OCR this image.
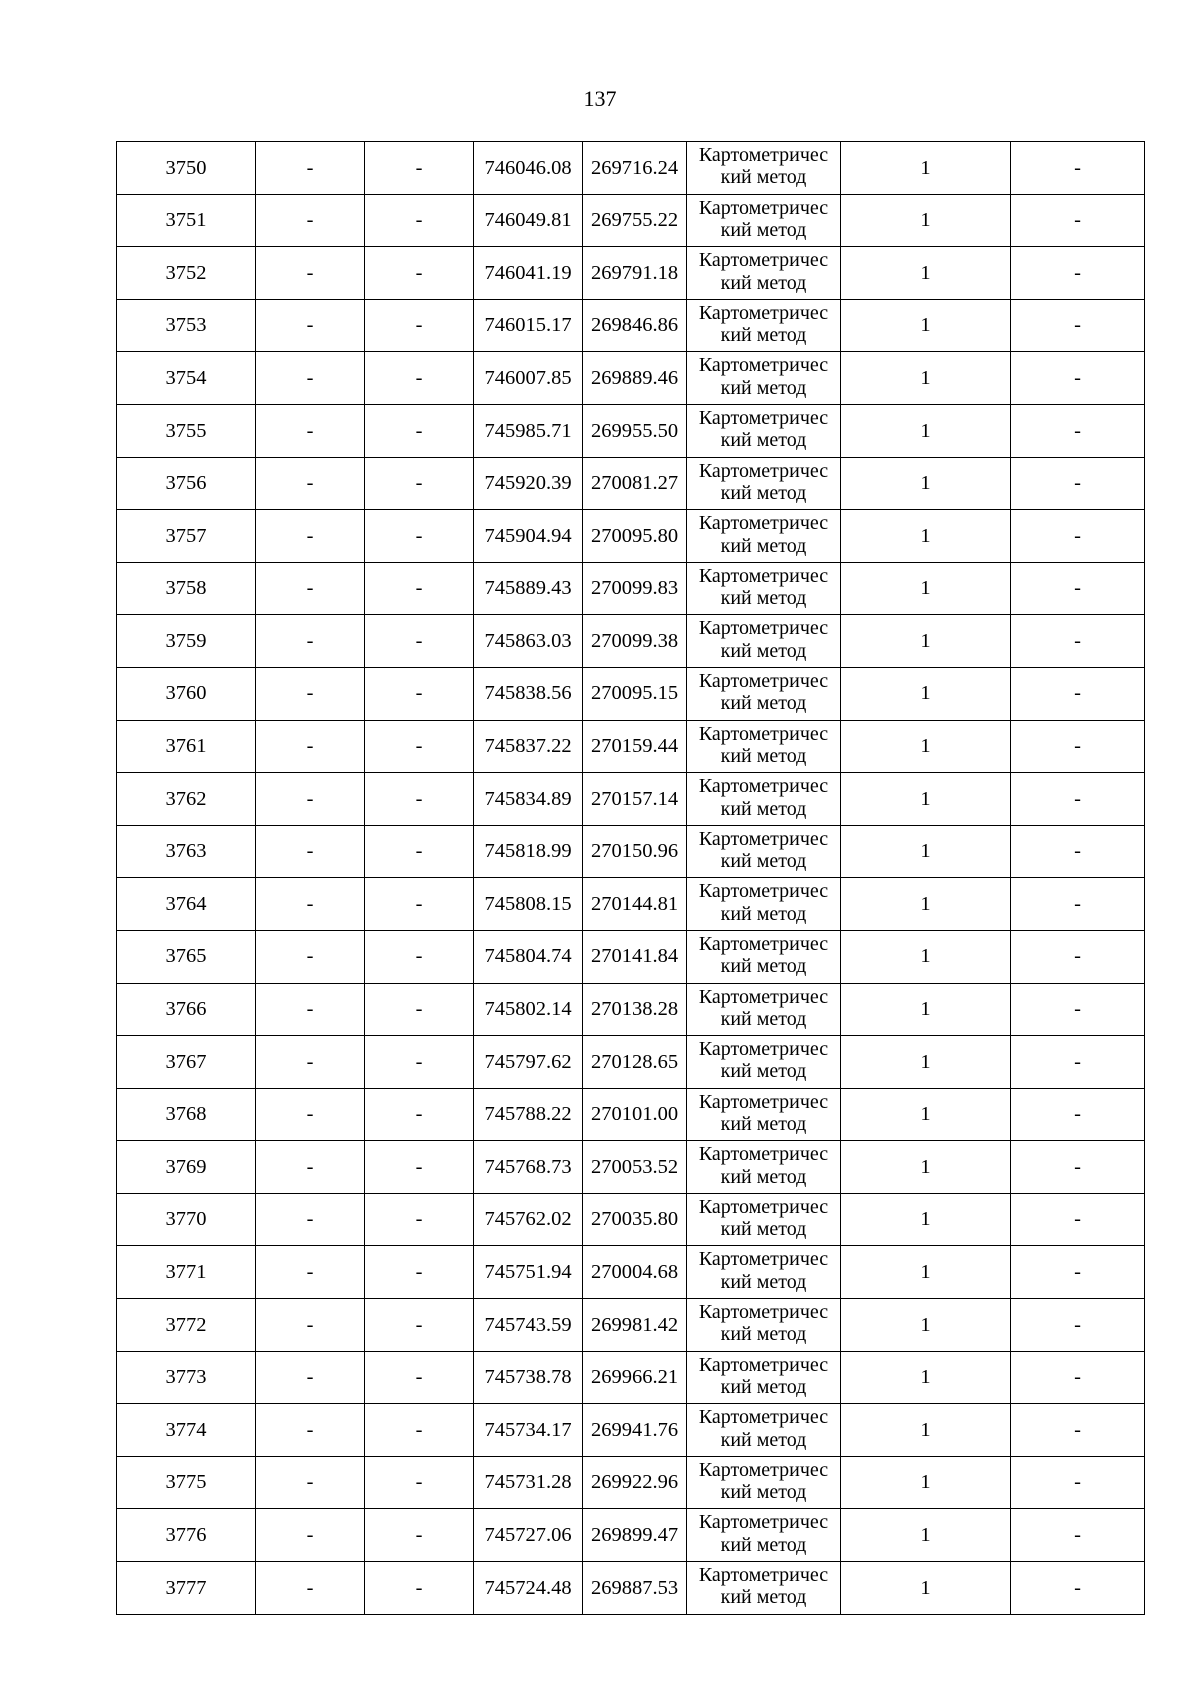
137
3750	-	-	746046.08	269716.24	Картометричес
кий метод	1	-
3751	-	-	746049.81	269755.22	Картометричес
кий метод	1	-
3752	-	-	746041.19	269791.18	Картометричес
кий метод	1	-
3753	-	-	746015.17	269846.86	Картометричес
кий метод	1	-
3754	-	-	746007.85	269889.46	Картометричес
кий метод	1	-
3755	-	-	745985.71	269955.50	Картометричес
кий метод	1	-
3756	-	-	745920.39	270081.27	Картометричес
кий метод	1	-
3757	-	-	745904.94	270095.80	Картометричес
кий метод	1	-
3758	-	-	745889.43	270099.83	Картометричес
кий метод	1	-
3759	-	-	745863.03	270099.38	Картометричес
кий метод	1	-
3760	-	-	745838.56	270095.15	Картометричес
кий метод	1	-
3761	-	-	745837.22	270159.44	Картометричес
кий метод	1	-
3762	-	-	745834.89	270157.14	Картометричес
кий метод	1	-
3763	-	-	745818.99	270150.96	Картометричес
кий метод	1	-
3764	-	-	745808.15	270144.81	Картометричес
кий метод	1	-
3765	-	-	745804.74	270141.84	Картометричес
кий метод	1	-
3766	-	-	745802.14	270138.28	Картометричес
кий метод	1	-
3767	-	-	745797.62	270128.65	Картометричес
кий метод	1	-
3768	-	-	745788.22	270101.00	Картометричес
кий метод	1	-
3769	-	-	745768.73	270053.52	Картометричес
кий метод	1	-
3770	-	-	745762.02	270035.80	Картометричес
кий метод	1	-
3771	-	-	745751.94	270004.68	Картометричес
кий метод	1	-
3772	-	-	745743.59	269981.42	Картометричес
кий метод	1	-
3773	-	-	745738.78	269966.21	Картометричес
кий метод	1	-
3774	-	-	745734.17	269941.76	Картометричес
кий метод	1	-
3775	-	-	745731.28	269922.96	Картометричес
кий метод	1	-
3776	-	-	745727.06	269899.47	Картометричес
кий метод	1	-
3777	-	-	745724.48	269887.53	Картометричес
кий метод	1	-
